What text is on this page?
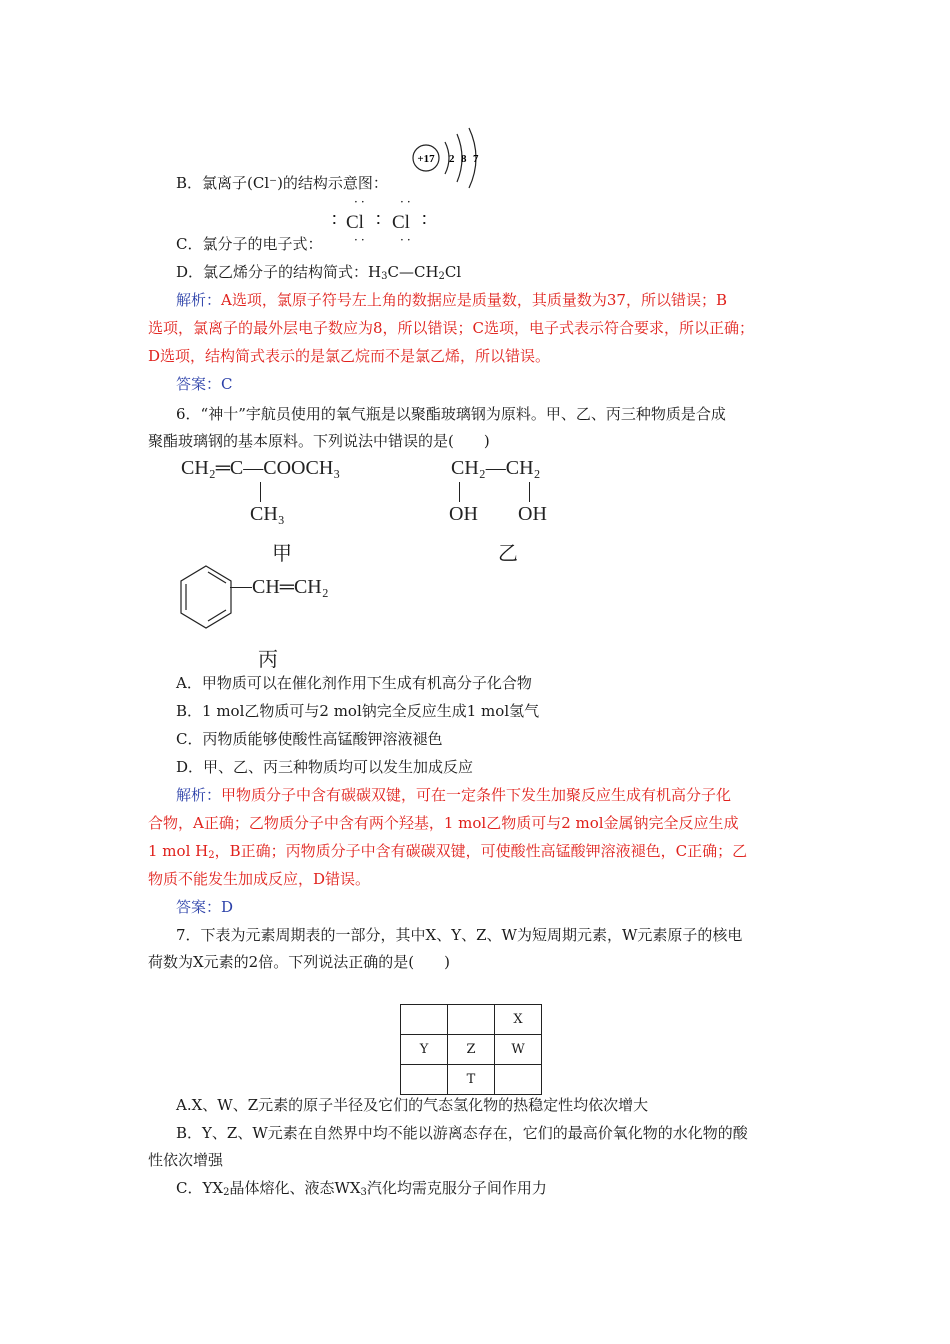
+17 2 8 7
B．氯离子(Cl⁻)的结构示意图：
··	··
∶ Cl ∶ Cl ∶
··	··
C．氯分子的电子式：
D．氯乙烯分子的结构简式：$H_3C—CH_2Cl$
解析：A选项，氯原子符号左上角的数据应是质量数，其质量数为37，所以错误；B
选项，氯离子的最外层电子数应为8，所以错误；C选项，电子式表示符合要求，所以正确；
D选项，结构简式表示的是氯乙烷而不是氯乙烯，所以错误。
答案：C
6．“神十”宇航员使用的氧气瓶是以聚酯玻璃钢为原料。甲、乙、丙三种物质是合成
聚酯玻璃钢的基本原料。下列说法中错误的是(　　)
CH₂═C—COOCH₃
CH₃
甲
CH₂—CH₂
OH OH
乙
CH═CH₂
丙
A．甲物质可以在催化剂作用下生成有机高分子化合物
B．1 mol乙物质可与2 mol钠完全反应生成1 mol氢气
C．丙物质能够使酸性高锰酸钾溶液褪色
D．甲、乙、丙三种物质均可以发生加成反应
解析：甲物质分子中含有碳碳双键，可在一定条件下发生加聚反应生成有机高分子化
合物，A正确；乙物质分子中含有两个羟基，1 mol乙物质可与2 mol金属钠完全反应生成
1 mol $H_2$，B正确；丙物质分子中含有碳碳双键，可使酸性高锰酸钾溶液褪色，C正确；乙
物质不能发生加成反应，D错误。
答案：D
7．下表为元素周期表的一部分，其中X、Y、Z、W为短周期元素，W元素原子的核电
荷数为X元素的2倍。下列说法正确的是(　　)
		X
Y	Z	W
	T	
A.X、W、Z元素的原子半径及它们的气态氢化物的热稳定性均依次增大
B．Y、Z、W元素在自然界中均不能以游离态存在，它们的最高价氧化物的水化物的酸
性依次增强
C．$YX_2$晶体熔化、液态$WX_3$汽化均需克服分子间作用力
